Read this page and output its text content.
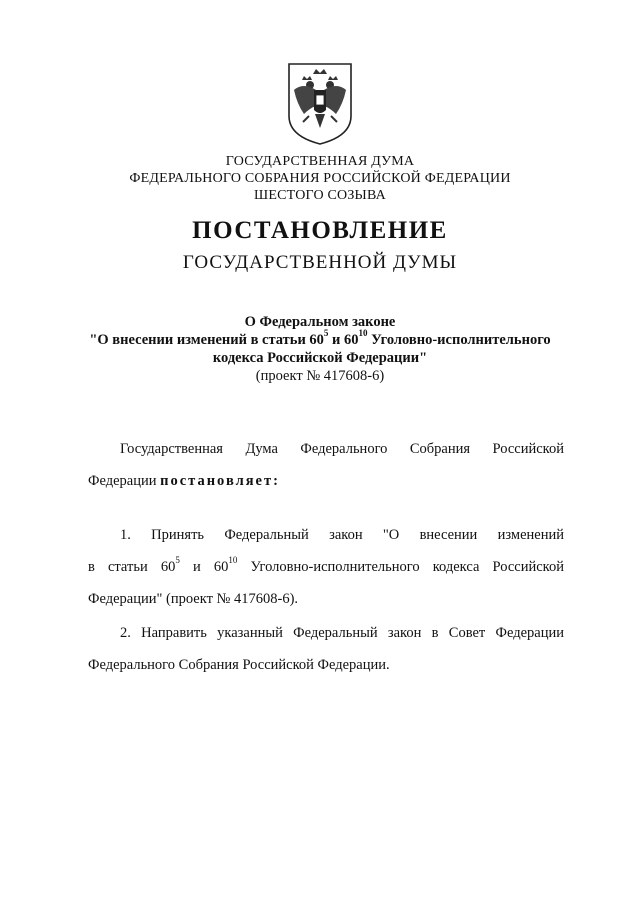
ГОСУДАРСТВЕННАЯ ДУМА
ФЕДЕРАЛЬНОГО СОБРАНИЯ РОССИЙСКОЙ ФЕДЕРАЦИИ
ШЕСТОГО СОЗЫВА
ПОСТАНОВЛЕНИЕ
ГОСУДАРСТВЕННОЙ ДУМЫ
О Федеральном законе
"О внесении изменений в статьи $60^5$ и $60^{10}$ Уголовно-исполнительного
кодекса Российской Федерации"
(проект № 417608-6)
Государственная Дума Федерального Собрания Российской
Федерации постановляет:
1. Принять Федеральный закон "О внесении изменений
в статьи $60^5$ и $60^{10}$ Уголовно-исполнительного кодекса Российской
Федерации" (проект № 417608-6).
2. Направить указанный Федеральный закон в Совет Федерации
Федерального Собрания Российской Федерации.
